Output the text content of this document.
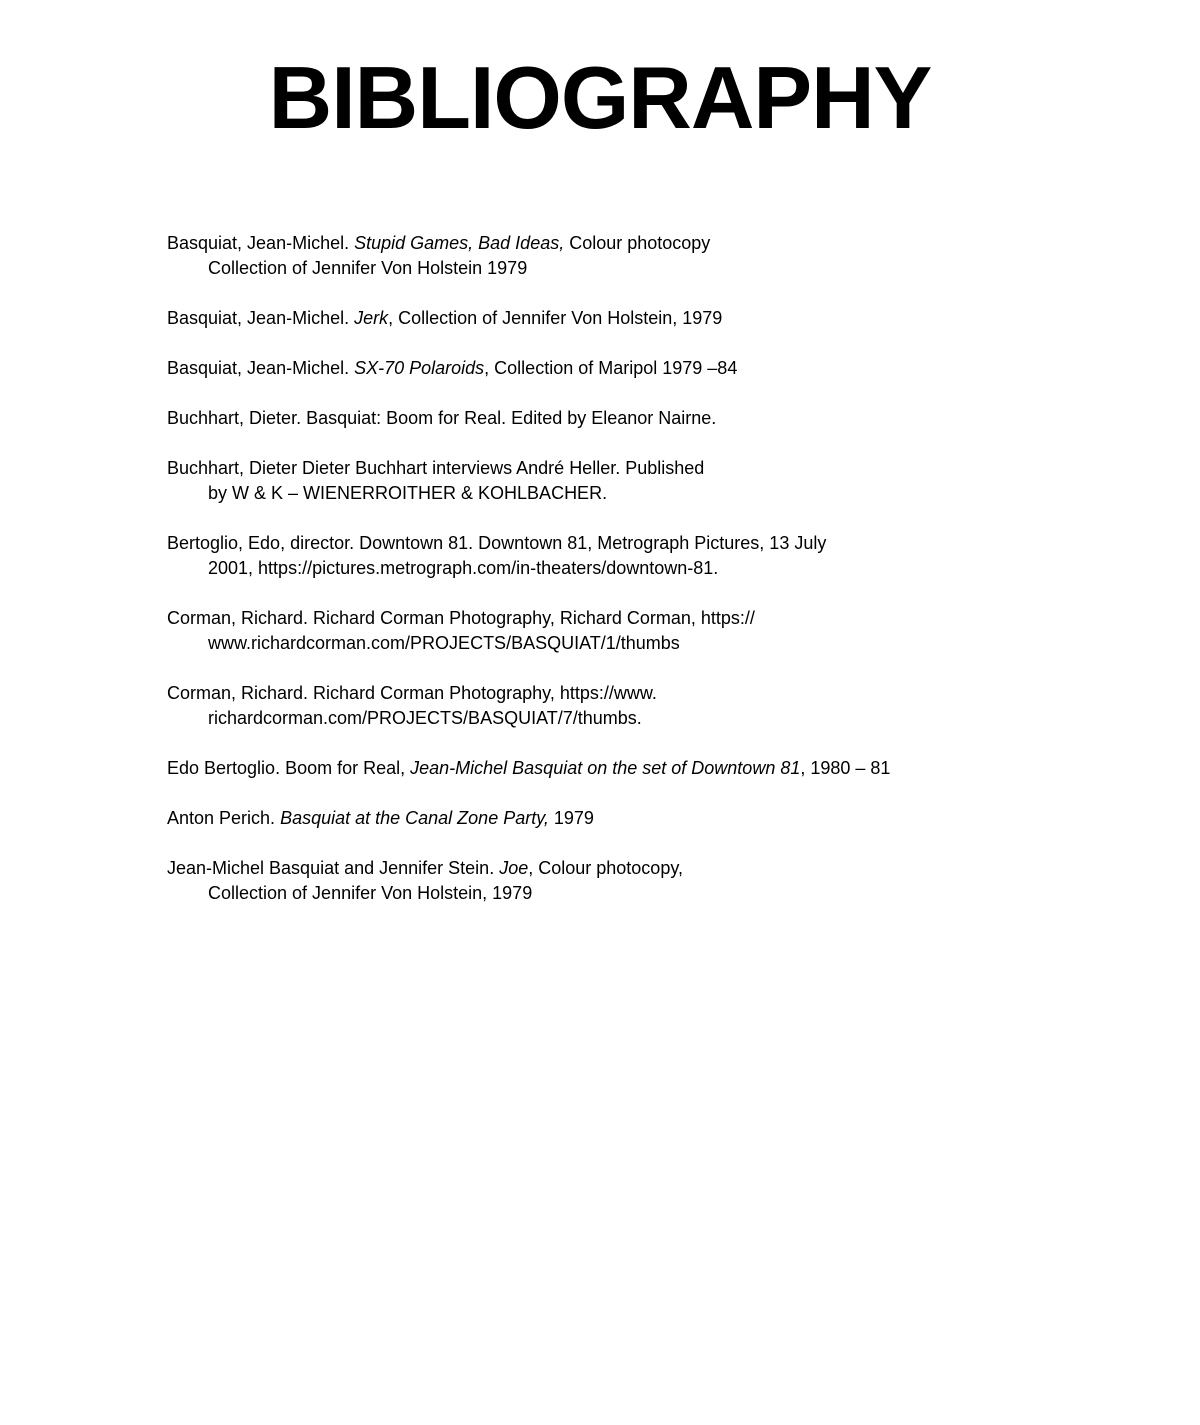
BIBLIOGRAPHY
Basquiat, Jean-Michel. Stupid Games, Bad Ideas, Colour photocopy
Collection of Jennifer Von Holstein 1979
Basquiat, Jean-Michel. Jerk, Collection of Jennifer Von Holstein, 1979
Basquiat, Jean-Michel. SX-70 Polaroids, Collection of Maripol 1979 –84
Buchhart, Dieter. Basquiat: Boom for Real. Edited by Eleanor Nairne.
Buchhart, Dieter Dieter Buchhart interviews André Heller. Published
by W & K – WIENERROITHER & KOHLBACHER.
Bertoglio, Edo, director. Downtown 81. Downtown 81, Metrograph Pictures, 13 July
2001, https://pictures.metrograph.com/in-theaters/downtown-81.
Corman, Richard. Richard Corman Photography, Richard Corman, https://
www.richardcorman.com/PROJECTS/BASQUIAT/1/thumbs
Corman, Richard. Richard Corman Photography, https://www.
richardcorman.com/PROJECTS/BASQUIAT/7/thumbs.
Edo Bertoglio. Boom for Real, Jean-Michel Basquiat on the set of Downtown 81, 1980 – 81
Anton Perich. Basquiat at the Canal Zone Party, 1979
Jean-Michel Basquiat and Jennifer Stein. Joe, Colour photocopy,
Collection of Jennifer Von Holstein, 1979
